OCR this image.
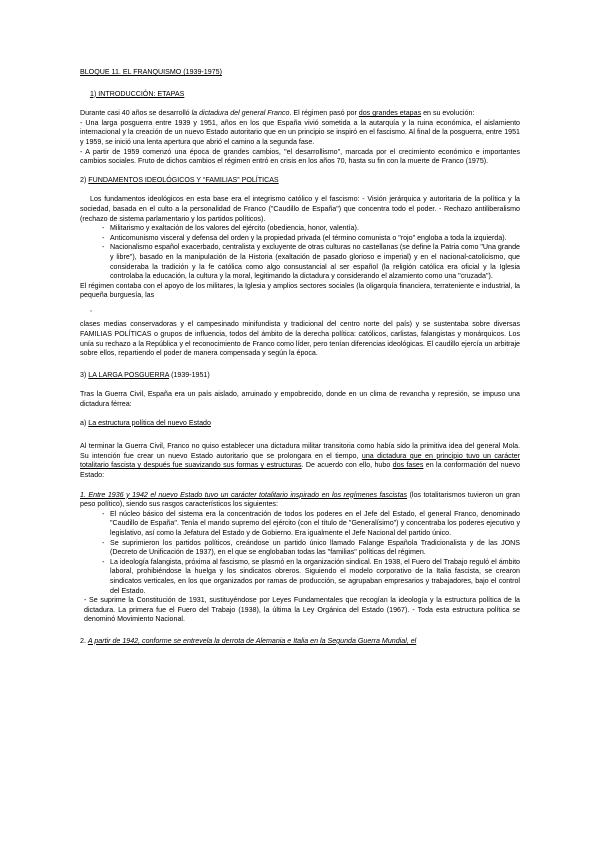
BLOQUE 11. EL FRANQUISMO (1939-1975)

1) INTRODUCCIÓN: ETAPAS

Durante casi 40 años se desarrolló la dictadura del general Franco. El régimen pasó por dos grandes etapas en su evolución:
- Una larga posguerra entre 1939 y 1951, años en los que España vivió sometida a la autarquía y la ruina económica, el aislamiento internacional y la creación de un nuevo Estado autoritario que en un principio se inspiró en el fascismo. Al final de la posguerra, entre 1951 y 1959, se inició una lenta apertura que abrió el camino a la segunda fase.
- A partir de 1959 comenzó una época de grandes cambios, "el desarrollismo", marcada por el crecimiento económico e importantes cambios sociales. Fruto de dichos cambios el régimen entró en crisis en los años 70, hasta su fin con la muerte de Franco (1975).

2) FUNDAMENTOS IDEOLÓGICOS Y “FAMILIAS” POLÍTICAS

Los fundamentos ideológicos en esta base era el integrismo católico y el fascismo: - Visión jerárquica y autoritaria de la política y la sociedad, basada en el culto a la personalidad de Franco ("Caudillo de España") que concentra todo el poder. - Rechazo antiliberalismo (rechazo de sistema parlamentario y los partidos políticos).

- Militarismo y exaltación de los valores del ejército (obediencia, honor, valentía).
- Anticomunismo visceral y defensa del orden y la propiedad privada (el término comunista o "rojo" engloba a toda la izquierda).
- Nacionalismo español exacerbado, centralista y excluyente de otras culturas no castellanas (se define la Patria como "Una grande y libre"), basado en la manipulación de la Historia (exaltación de pasado glorioso e imperial) y en el nacional-catolicismo, que consideraba la tradición y la fe católica como algo consustancial al ser español (la religión católica era oficial y la Iglesia controlaba la educación, la cultura y la moral, legitimando la dictadura y considerando el alzamiento como una "cruzada").

El régimen contaba con el apoyo de los militares, la Iglesia y amplios sectores sociales (la oligarquía financiera, terrateniente e industrial, la pequeña burguesía, las

,

clases medias conservadoras y el campesinado minifundista y tradicional del centro norte del país) y se sustentaba sobre diversas FAMILIAS POLÍTICAS o grupos de influencia, todos del ámbito de la derecha política: católicos, carlistas, falangistas y monárquicos. Los unía su rechazo a la República y el reconocimiento de Franco como líder, pero tenían diferencias ideológicas. El caudillo ejercía un arbitraje sobre ellos, repartiendo el poder de manera compensada y según la época.

3) LA LARGA POSGUERRA (1939-1951)

Tras la Guerra Civil, España era un país aislado, arruinado y empobrecido, donde en un clima de revancha y represión, se impuso una dictadura férrea:

a) La estructura política del nuevo Estado

Al terminar la Guerra Civil, Franco no quiso establecer una dictadura militar transitoria como había sido la primitiva idea del general Mola. Su intención fue crear un nuevo Estado autoritario que se prolongara en el tiempo, una dictadura que en principio tuvo un carácter totalitario fascista y después fue suavizando sus formas y estructuras. De acuerdo con ello, hubo dos fases en la conformación del nuevo Estado:

1. Entre 1936 y 1942 el nuevo Estado tuvo un carácter totalitario inspirado en los regímenes fascistas (los totalitarismos tuvieron un gran peso político), siendo sus rasgos característicos los siguientes:

- El núcleo básico del sistema era la concentración de todos los poderes en el Jefe del Estado, el general Franco, denominado "Caudillo de España". Tenía el mando supremo del ejército (con el título de "Generalísimo") y concentraba los poderes ejecutivo y legislativo, así como la Jefatura del Estado y de Gobierno. Era igualmente el Jefe Nacional del partido único.
- Se suprimieron los partidos políticos, creándose un partido único llamado Falange Española Tradicionalista y de las JONS (Decreto de Unificación de 1937), en el que se englobaban todas las "familias" políticas del régimen.
- La ideología falangista, próxima al fascismo, se plasmó en la organización sindical. En 1938, el Fuero del Trabajo reguló el ámbito laboral, prohibiéndose la huelga y los sindicatos obreros. Siguiendo el modelo corporativo de la Italia fascista, se crearon sindicatos verticales, en los que organizados por ramas de producción, se agrupaban empresarios y trabajadores, bajo el control del Estado.

- Se suprime la Constitución de 1931, sustituyéndose por Leyes Fundamentales que recogían la ideología y la estructura política de la dictadura. La primera fue el Fuero del Trabajo (1938), la última la Ley Orgánica del Estado (1967). - Toda esta estructura política se denominó Movimiento Nacional.

2. A partir de 1942, conforme se entrevela la derrota de Alemania e Italia en la Segunda Guerra Mundial, el
